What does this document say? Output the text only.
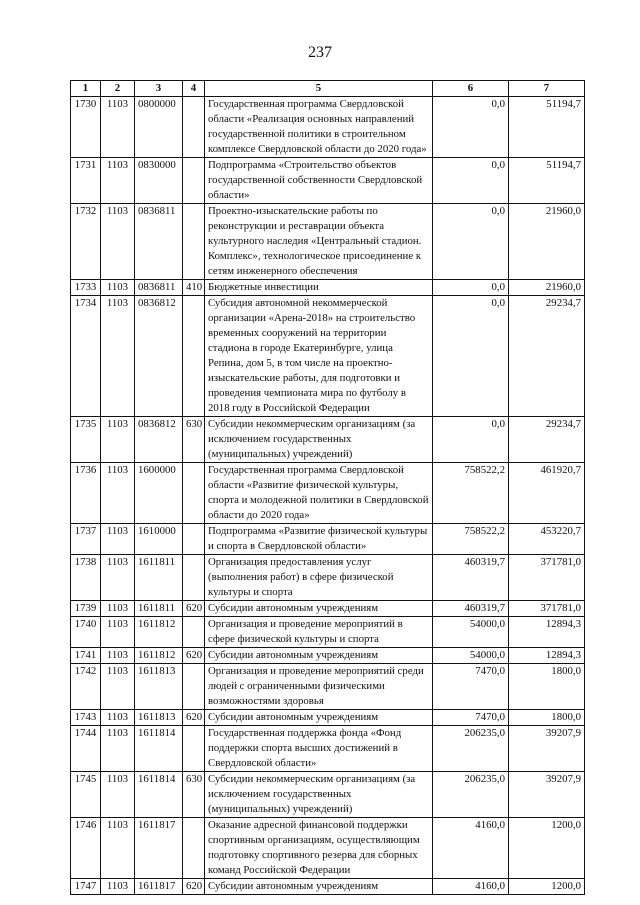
237
1	2	3	4	5	6	7
1730	1103	0800000		Государственная программа Свердловской области «Реализация основных направлений государственной политики в строительном комплексе Свердловской области до 2020 года»	0,0	51194,7
1731	1103	0830000		Подпрограмма «Строительство объектов государственной собственности Свердловской области»	0,0	51194,7
1732	1103	0836811		Проектно-изыскательские работы по реконструкции и реставрации объекта культурного наследия «Центральный стадион. Комплекс», технологическое присоединение к сетям инженерного обеспечения	0,0	21960,0
1733	1103	0836811	410	Бюджетные инвестиции	0,0	21960,0
1734	1103	0836812		Субсидия автономной некоммерческой организации «Арена-2018» на строительство временных сооружений на территории стадиона в городе Екатеринбурге, улица Репина, дом 5, в том числе на проектно-изыскательские работы, для подготовки и проведения чемпионата мира по футболу в 2018 году в Российской Федерации	0,0	29234,7
1735	1103	0836812	630	Субсидии некоммерческим организациям (за исключением государственных (муниципальных) учреждений)	0,0	29234,7
1736	1103	1600000		Государственная программа Свердловской области «Развитие физической культуры, спорта и молодежной политики в Свердловской области до 2020 года»	758522,2	461920,7
1737	1103	1610000		Подпрограмма «Развитие физической культуры и спорта в Свердловской области»	758522,2	453220,7
1738	1103	1611811		Организация предоставления услуг (выполнения работ) в сфере физической культуры и спорта	460319,7	371781,0
1739	1103	1611811	620	Субсидии автономным учреждениям	460319,7	371781,0
1740	1103	1611812		Организация и проведение мероприятий в сфере физической культуры и спорта	54000,0	12894,3
1741	1103	1611812	620	Субсидии автономным учреждениям	54000,0	12894,3
1742	1103	1611813		Организация и проведение мероприятий среди людей с ограниченными физическими возможностями здоровья	7470,0	1800,0
1743	1103	1611813	620	Субсидии автономным учреждениям	7470,0	1800,0
1744	1103	1611814		Государственная поддержка фонда «Фонд поддержки спорта высших достижений в Свердловской области»	206235,0	39207,9
1745	1103	1611814	630	Субсидии некоммерческим организациям (за исключением государственных (муниципальных) учреждений)	206235,0	39207,9
1746	1103	1611817		Оказание адресной финансовой поддержки спортивным организациям, осуществляющим подготовку спортивного резерва для сборных команд Российской Федерации	4160,0	1200,0
1747	1103	1611817	620	Субсидии автономным учреждениям	4160,0	1200,0
